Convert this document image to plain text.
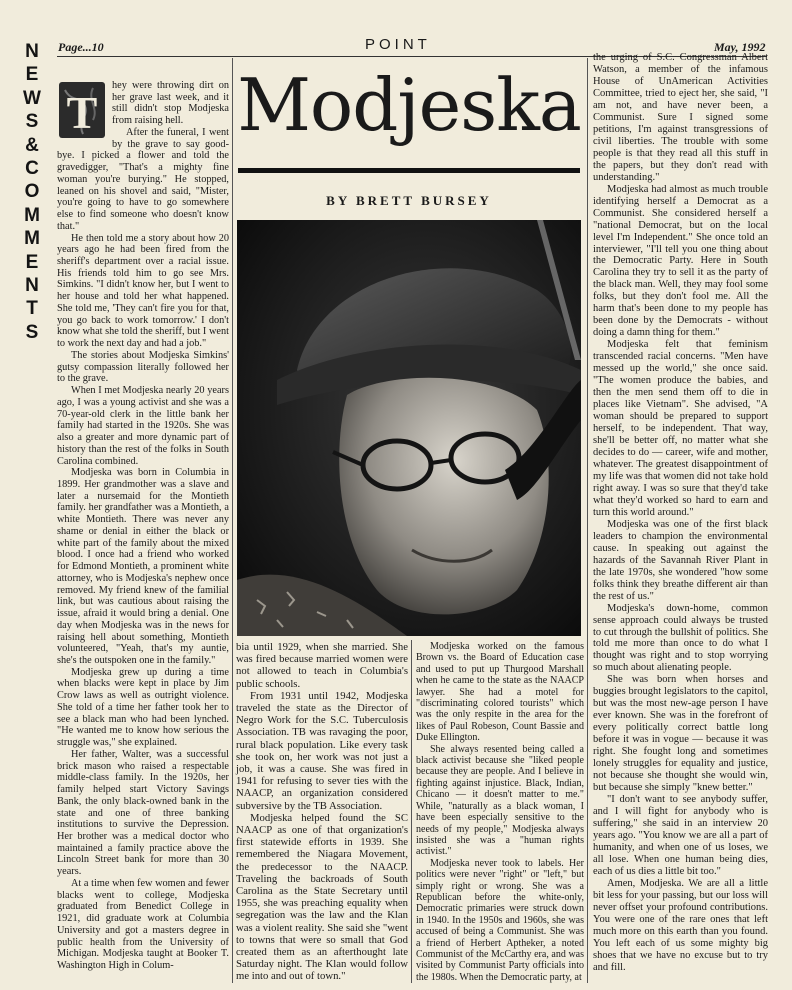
N
E
W
S
&
C
O
M
M
E
N
T
S
Page...10	POINT	May, 1992
Modjeska
BY BRETT BURSEY
T

hey were throwing dirt on her grave last week, and it still didn't stop Modjeska from raising hell.

After the funeral, I went by the grave to say good-bye. I picked a flower and told the gravedigger, "That's a mighty fine woman you're burying." He stopped, leaned on his shovel and said, "Mister, you're going to have to go somewhere else to find someone who doesn't know that."

He then told me a story about how 20 years ago he had been fired from the sheriff's department over a racial issue. His friends told him to go see Mrs. Simkins. "I didn't know her, but I went to her house and told her what happened. She told me, 'They can't fire you for that, you go back to work tomorrow.' I don't know what she told the sheriff, but I went to work the next day and had a job."

The stories about Modjeska Simkins' gutsy compassion literally followed her to the grave.

When I met Modjeska nearly 20 years ago, I was a young activist and she was a 70-year-old clerk in the little bank her family had started in the 1920s. She was also a greater and more dynamic part of history than the rest of the folks in South Carolina combined.

Modjeska was born in Columbia in 1899. Her grandmother was a slave and later a nursemaid for the Montieth family. her grandfather was a Montieth, a white Montieth. There was never any shame or denial in either the black or white part of the family about the mixed blood. I once had a friend who worked for Edmond Montieth, a prominent white attorney, who is Modjeska's nephew once removed. My friend knew of the familial link, but was cautious about raising the issue, afraid it would bring a denial. One day when Modjeska was in the news for raising hell about something, Montieth volunteered, "Yeah, that's my auntie, she's the outspoken one in the family."

Modjeska grew up during a time when blacks were kept in place by Jim Crow laws as well as outright violence. She told of a time her father took her to see a black man who had been lynched. "He wanted me to know how serious the struggle was," she explained.

Her father, Walter, was a successful brick mason who raised a respectable middle-class family. In the 1920s, her family helped start Victory Savings Bank, the only black-owned bank in the state and one of three banking institutions to survive the Depression. Her brother was a medical doctor who maintained a family practice above the Lincoln Street bank for more than 30 years.

At a time when few women and fewer blacks went to college, Modjeska graduated from Benedict College in 1921, did graduate work at Columbia University and got a masters degree in public health from the University of Michigan. Modjeska taught at Booker T. Washington High in Colum-

bia until 1929, when she married. She was fired because married women were not allowed to teach in Columbia's public schools.

From 1931 until 1942, Modjeska traveled the state as the Director of Negro Work for the S.C. Tuberculosis Association. TB was ravaging the poor, rural black population. Like every task she took on, her work was not just a job, it was a cause. She was fired in 1941 for refusing to sever ties with the NAACP, an organization considered subversive by the TB Association.

Modjeska helped found the SC NAACP as one of that organization's first statewide efforts in 1939. She remembered the Niagara Movement, the predecessor to the NAACP. Traveling the backroads of South Carolina as the State Secretary until 1955, she was preaching equality when segregation was the law and the Klan was a violent reality. She said she "went to towns that were so small that God created them as an afterthought late Saturday night. The Klan would follow me into and out of town."

Modjeska worked on the famous Brown vs. the Board of Education case and used to put up Thurgood Marshall when he came to the state as the NAACP lawyer. She had a motel for "discriminating colored tourists" which was the only respite in the area for the likes of Paul Robeson, Count Bassie and Duke Ellington.

She always resented being called a black activist because she "liked people because they are people. And I believe in fighting against injustice. Black, Indian, Chicano — it doesn't matter to me." While, "naturally as a black woman, I have been especially sensitive to the needs of my people," Modjeska always insisted she was a "human rights activist."

Modjeska never took to labels. Her politics were never "right" or "left," but simply right or wrong. She was a Republican before the white-only, Democratic primaries were struck down in 1940. In the 1950s and 1960s, she was accused of being a Communist. She was a friend of Herbert Aptheker, a noted Communist of the McCarthy era, and was visited by Communist Party officials into the 1980s. When the Democratic party, at

the urging of S.C. Congressman Albert Watson, a member of the infamous House of UnAmerican Activities Committee, tried to eject her, she said, "I am not, and have never been, a Communist. Sure I signed some petitions, I'm against transgressions of civil liberties. The trouble with some people is that they read all this stuff in the papers, but they don't read with understanding."

Modjeska had almost as much trouble identifying herself a Democrat as a Communist. She considered herself a "national Democrat, but on the local level I'm Independent." She once told an interviewer, "I'll tell you one thing about the Democratic Party. Here in South Carolina they try to sell it as the party of the black man. Well, they may fool some folks, but they don't fool me. All the harm that's been done to my people has been done by the Democrats - without doing a damn thing for them."

Modjeska felt that feminism transcended racial concerns. "Men have messed up the world," she once said. "The women produce the babies, and then the men send them off to die in places like Vietnam". She advised, "A woman should be prepared to support herself, to be independent. That way, she'll be better off, no matter what she decides to do — career, wife and mother, whatever. The greatest disappointment of my life was that women did not take hold right away. I was so sure that they'd take what they'd worked so hard to earn and turn this world around."

Modjeska was one of the first black leaders to champion the environmental cause. In speaking out against the hazards of the Savannah River Plant in the late 1970s, she wondered "how some folks think they breathe different air than the rest of us."

Modjeska's down-home, common sense approach could always be trusted to cut through the bullshit of politics. She told me more than once to do what I thought was right and to stop worrying so much about alienating people.

She was born when horses and buggies brought legislators to the capitol, but was the most new-age person I have ever known. She was in the forefront of every politically correct battle long before it was in vogue — because it was right. She fought long and sometimes lonely struggles for equality and justice, not because she thought she would win, but because she simply "knew better."

"I don't want to see anybody suffer, and I will fight for anybody who is suffering," she said in an interview 20 years ago. "You know we are all a part of humanity, and when one of us loses, we all lose. When one human being dies, each of us dies a little bit too."

Amen, Modjeska. We are all a little bit less for your passing, but our loss will never offset your profound contributions. You were one of the rare ones that left much more on this earth than you found. You left each of us some mighty big shoes that we have no excuse but to try and fill.
